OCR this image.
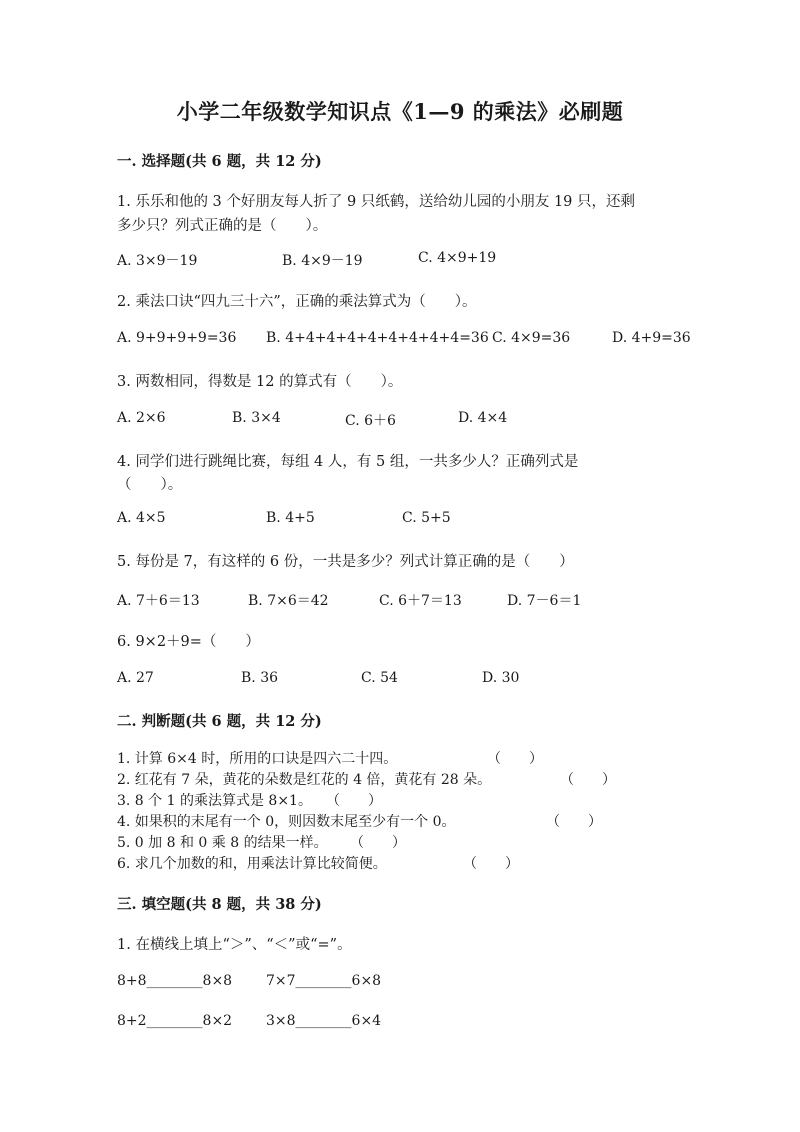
小学二年级数学知识点《1—9 的乘法》必刷题
一. 选择题(共 6 题，共 12 分)
1. 乐乐和他的 3 个好朋友每人折了 9 只纸鹤，送给幼儿园的小朋友 19 只，还剩
多少只？列式正确的是（　　）。
A. 3×9－19	B. 4×9－19	C. 4×9+19
2. 乘法口诀“四九三十六”，正确的乘法算式为（　　）。
A. 9+9+9+9=36 B. 4+4+4+4+4+4+4+4+4=36 C. 4×9=36	D. 4+9=36
3. 两数相同，得数是 12 的算式有（　　）。
A. 2×6	B. 3×4	C. 6＋6	D. 4×4
4. 同学们进行跳绳比赛，每组 4 人，有 5 组，一共多少人？正确列式是
（　　）。
A. 4×5	B. 4+5	C. 5+5
5. 每份是 7，有这样的 6 份，一共是多少？列式计算正确的是（　　）
A. 7＋6＝13	B. 7×6＝42	C. 6＋7＝13	D. 7－6＝1
6. 9×2＋9=（　　）
A. 27	B. 36	C. 54	D. 30
二. 判断题(共 6 题，共 12 分)
1. 计算 6×4 时，所用的口诀是四六二十四。	（　　）
2. 红花有 7 朵，黄花的朵数是红花的 4 倍，黄花有 28 朵。	（　　）
3. 8 个 1 的乘法算式是 8×1。 （　　）
4. 如果积的末尾有一个 0，则因数末尾至少有一个 0。	（　　）
5. 0 加 8 和 0 乘 8 的结果一样。 （　　）
6. 求几个加数的和，用乘法计算比较简便。	（　　）
三. 填空题(共 8 题，共 38 分)
1. 在横线上填上“＞”、“＜”或“=”。
8+8________8×8 7×7________6×8
8+2________8×2 3×8________6×4
